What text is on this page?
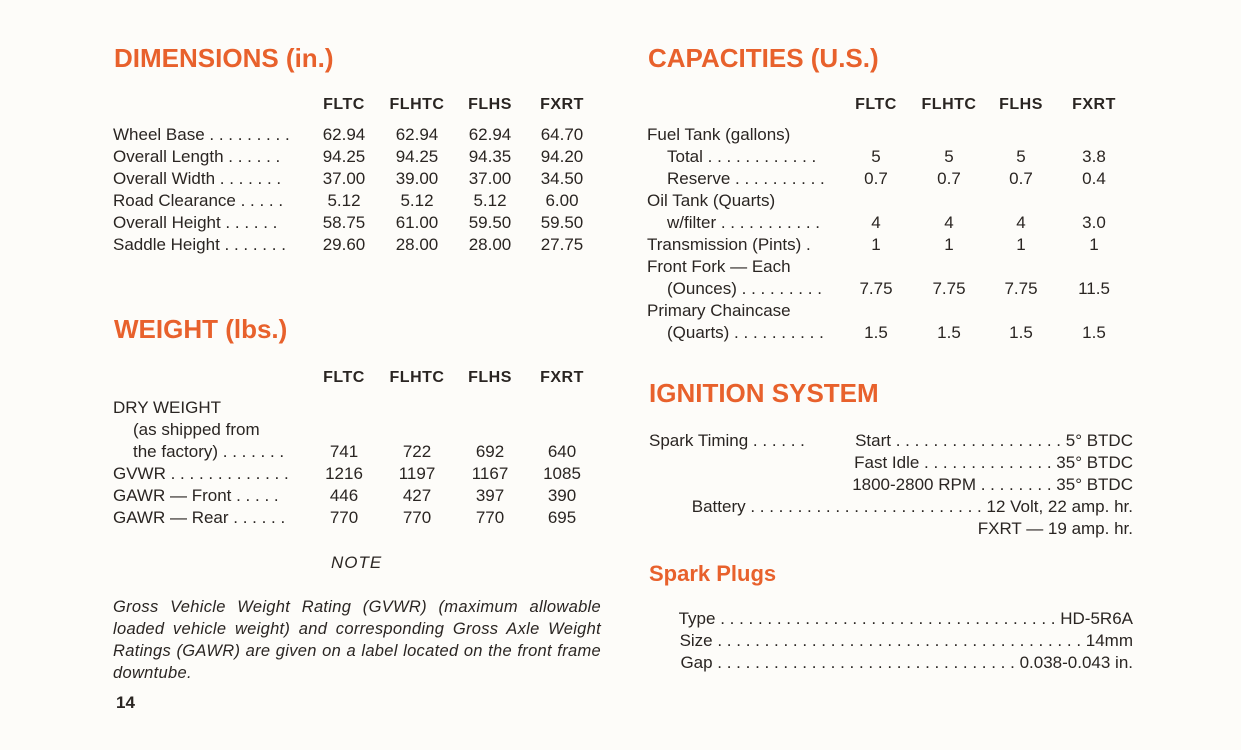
DIMENSIONS (in.)
FLTC	FLHTC	FLHS	FXRT
Wheel Base . . . . . . . . .	62.94	62.94	62.94	64.70
Overall Length . . . . . .	94.25	94.25	94.35	94.20
Overall Width . . . . . . .	37.00	39.00	37.00	34.50
Road Clearance . . . . .	5.12	5.12	5.12	6.00
Overall Height . . . . . .	58.75	61.00	59.50	59.50
Saddle Height . . . . . . .	29.60	28.00	28.00	27.75
WEIGHT (lbs.)
FLTC	FLHTC	FLHS	FXRT
DRY WEIGHT
(as shipped from
the factory) . . . . . . .	741	722	692	640
GVWR . . . . . . . . . . . . .	1216	1197	1167	1085
GAWR — Front . . . . .	446	427	397	390
GAWR — Rear . . . . . .	770	770	770	695
NOTE
Gross Vehicle Weight Rating (GVWR) (maximum allowable loaded vehicle weight) and corresponding Gross Axle Weight Ratings (GAWR) are given on a label located on the front frame downtube.
14
CAPACITIES (U.S.)
FLTC	FLHTC	FLHS	FXRT
Fuel Tank (gallons)
Total . . . . . . . . . . . .	5	5	5	3.8
Reserve . . . . . . . . . .	0.7	0.7	0.7	0.4
Oil Tank (Quarts)
w/filter . . . . . . . . . . .	4	4	4	3.0
Transmission (Pints) .	1	1	1	1
Front Fork — Each
(Ounces) . . . . . . . . .	7.75	7.75	7.75	11.5
Primary Chaincase
(Quarts) . . . . . . . . . .	1.5	1.5	1.5	1.5
IGNITION SYSTEM
Spark Timing . . . . . .	Start . . . . . . . . . . . . . . . . . . 5° BTDC
Fast Idle . . . . . . . . . . . . . . 35° BTDC
1800-2800 RPM . . . . . . . . 35° BTDC
Battery . . . . . . . . . . . . . . . . . . . . . . . . . 12 Volt, 22 amp. hr.
FXRT — 19 amp. hr.
Spark Plugs
Type . . . . . . . . . . . . . . . . . . . . . . . . . . . . . . . . . . . . HD-5R6A
Size . . . . . . . . . . . . . . . . . . . . . . . . . . . . . . . . . . . . . . . 14mm
Gap . . . . . . . . . . . . . . . . . . . . . . . . . . . . . . . . 0.038-0.043 in.
